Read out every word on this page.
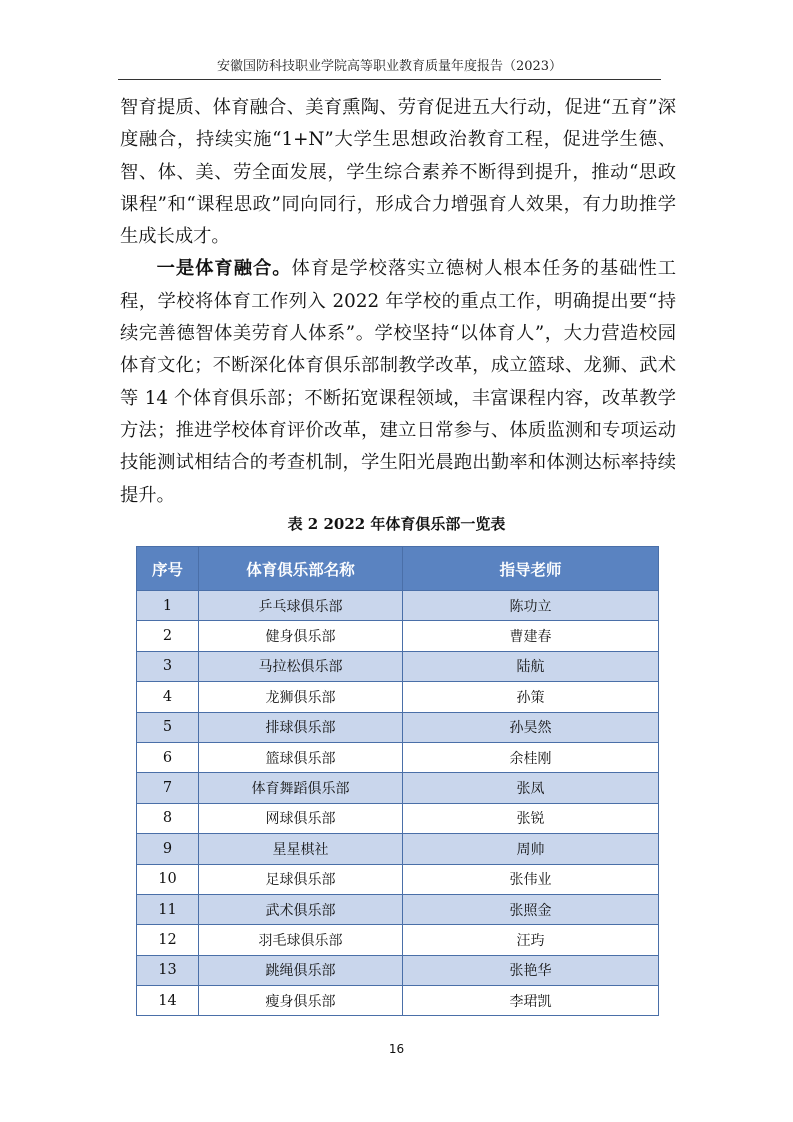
安徽国防科技职业学院高等职业教育质量年度报告（2023）

智育提质、体育融合、美育熏陶、劳育促进五大行动，促进“五育”深度融合，持续实施“1+N”大学生思想政治教育工程，促进学生德、智、体、美、劳全面发展，学生综合素养不断得到提升，推动“思政课程”和“课程思政”同向同行，形成合力增强育人效果，有力助推学生成长成才。

一是体育融合。体育是学校落实立德树人根本任务的基础性工程，学校将体育工作列入 2022 年学校的重点工作，明确提出要“持续完善德智体美劳育人体系”。学校坚持“以体育人”，大力营造校园体育文化；不断深化体育俱乐部制教学改革，成立篮球、龙狮、武术等 14 个体育俱乐部；不断拓宽课程领域，丰富课程内容，改革教学方法；推进学校体育评价改革，建立日常参与、体质监测和专项运动技能测试相结合的考查机制，学生阳光晨跑出勤率和体测达标率持续提升。

表 2 2022 年体育俱乐部一览表
序号	体育俱乐部名称	指导老师
1	乒乓球俱乐部	陈功立
2	健身俱乐部	曹建春
3	马拉松俱乐部	陆航
4	龙狮俱乐部	孙策
5	排球俱乐部	孙昊然
6	篮球俱乐部	余桂刚
7	体育舞蹈俱乐部	张凤
8	网球俱乐部	张锐
9	星星棋社	周帅
10	足球俱乐部	张伟业
11	武术俱乐部	张照金
12	羽毛球俱乐部	汪玙
13	跳绳俱乐部	张艳华
14	瘦身俱乐部	李珺凯
16
